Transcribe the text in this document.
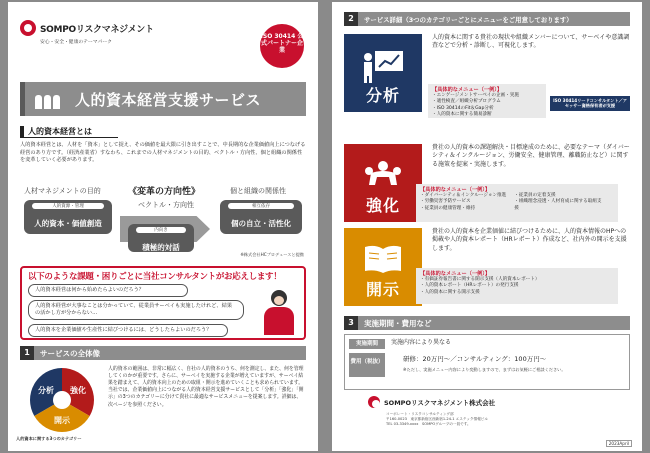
SOMPOリスクマネジメント
安心・安全・健康のテーマパーク
ISO 30414 公式パートナー企業
人的資本経営支援サービス
人的資本経営とは
人的資本経営とは、人材を「資本」として捉え、その価値を最大限に引き出すことで、中長期的な企業価値向上につなげる経営のあり方です。（経済産業省）すなわち、これまでの人材マネジメントの目的、ベクトル・方向性、個と組織の関係性を変革していく必要があります。
人材マネジメントの目的	《変革の方向性》	個と組織の関係性
ベクトル・方向性
人的資源・管理
人的資本・価値創造
内向き
積極的対話
相互依存
個の自立・活性化
※株式会社HCプロデュースと提携
以下のような課題・困りごとに当社コンサルタントがお応えします！
人的資本経営は何から始めたらよいのだろう？
人的資本経営が大事なことは分かっていて、従業員サーベイも実施したけれど、結果の活かし方が分からない…
人的資本を企業価値や生産性に結びつけるには、どうしたらよいのだろう？
1	サービスの全体像
分析	強化
開示
人的資本に関する3つのカテゴリー
人的資本の範囲は、非常に幅広く、自社の人的資本のうち、何を測定し、また、何を管理してくのかが重要です。さらに、サーベイを実施する企業が増えていますが、サーベイ結果を踏まえて、人的資本向上のための取組・開示を進めていくことも求められています。当社では、企業価値向上につながる人的資本経営支援サービスとして「分析」「強化」「開示」の3つのカテゴリーに分けて貴社に最適なサービスメニューを提案します。詳細は、次ページを参照ください。
2	サービス詳細（3つのカテゴリーごとにメニューをご用意しております）
分析
人的資本に関する貴社の現状や組織メンバーについて、サーベイや意識調査などで分析・診断し、可視化します。
【具体的なメニュー（一例）】
・エンゲージメントサーベイの企画・実施
・適性検査／組織分析プログラム
・ISO 30414のFit＆Gap分析
・人的資本に関する簡易診断
ISO 30414リードコンサルタント／アセッサー資格保有者が支援
強化
貴社の人的資本の課題解決・目標達成のために、必要なテーマ（ダイバーシティ＆インクルージョン、労働安全、健康管理、離職防止など）に関する施策を提案・実施します。
【具体的なメニュー（一例）】
・ダイバーシティ＆インクルージョン推進
・労働災害予防サービス
・従業員の健康管理・維持
・従業員の定着支援
・組織理念浸透・人材育成に関する取組支援
開示
貴社の人的資本を企業価値に結びつけるために、人的資本情報のHPへの掲載や人的資本レポート（HRレポート）作成など、社内外の開示を支援します。
【具体的なメニュー（一例）】
・有価証券報告書に関する開示支援（人的資本レポート）
・人的資本レポート（HRレポート）の発行支援
・人的資本に関する開示支援
3	実施期間・費用など
実施期間	実施内容により異なる
費用（税抜）	研修：20万円～／コンサルティング：100万円～
※ただし、実施メニュー内容により変動しますので、まずはお気軽にご相談ください。
SOMPOリスクマネジメント株式会社
コーポレート・リスクコンサルティング部
〒160-0023　東京都新宿区西新宿1-24-1 エステック情報ビル
TEL 03-3349-xxxx　SOMPOグループの一員です。
2023April
